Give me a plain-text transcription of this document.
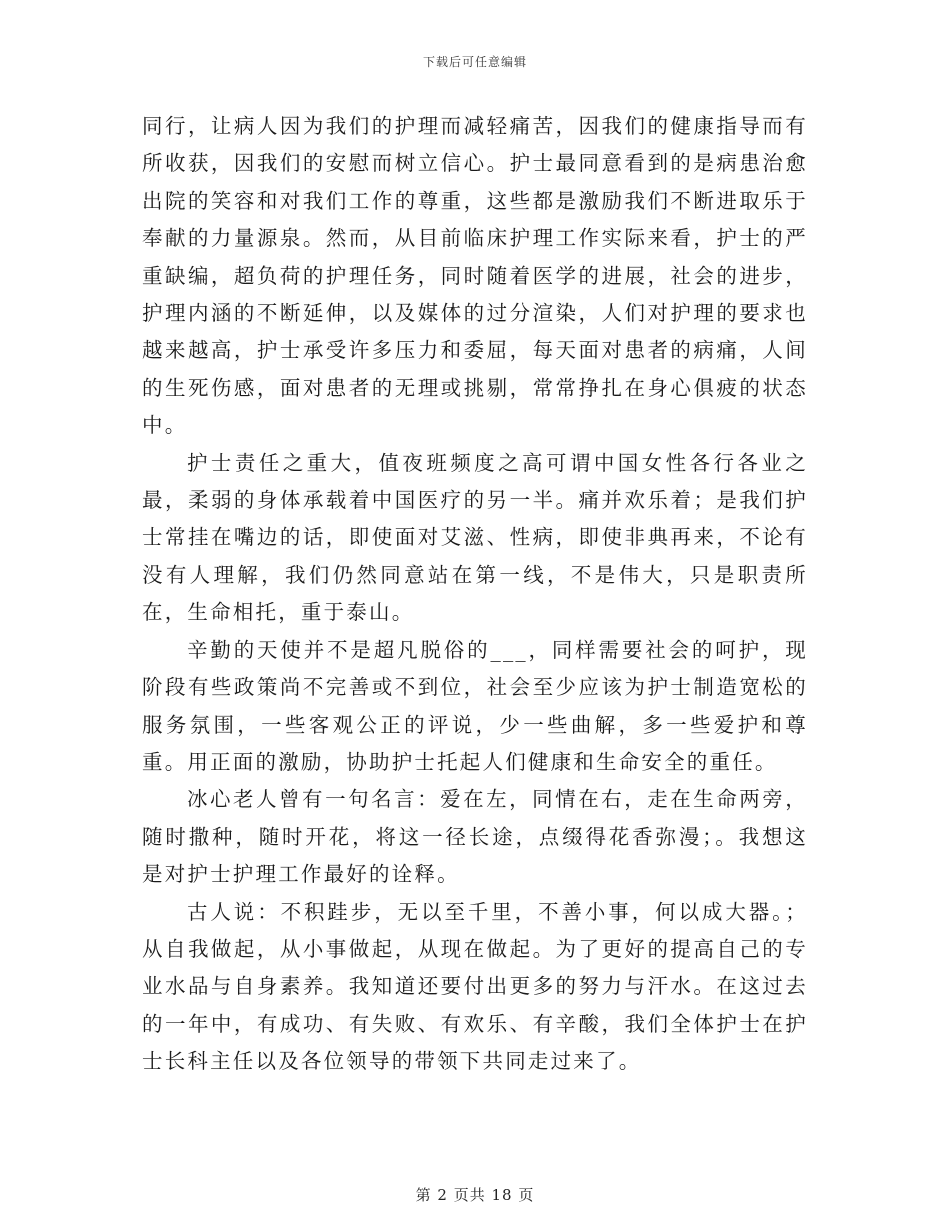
下载后可任意编辑

同行，让病人因为我们的护理而减轻痛苦，因我们的健康指导而有所收获，因我们的安慰而树立信心。护士最同意看到的是病患治愈出院的笑容和对我们工作的尊重，这些都是激励我们不断进取乐于奉献的力量源泉。然而，从目前临床护理工作实际来看，护士的严重缺编，超负荷的护理任务，同时随着医学的进展，社会的进步，护理内涵的不断延伸，以及媒体的过分渲染，人们对护理的要求也越来越高，护士承受许多压力和委屈，每天面对患者的病痛，人间的生死伤感，面对患者的无理或挑剔，常常挣扎在身心俱疲的状态中。

护士责任之重大，值夜班频度之高可谓中国女性各行各业之最，柔弱的身体承载着中国医疗的另一半。痛并欢乐着；是我们护士常挂在嘴边的话，即使面对艾滋、性病，即使非典再来，不论有没有人理解，我们仍然同意站在第一线，不是伟大，只是职责所在，生命相托，重于泰山。

辛勤的天使并不是超凡脱俗的___，同样需要社会的呵护，现阶段有些政策尚不完善或不到位，社会至少应该为护士制造宽松的服务氛围，一些客观公正的评说，少一些曲解，多一些爱护和尊重。用正面的激励，协助护士托起人们健康和生命安全的重任。

冰心老人曾有一句名言：爱在左，同情在右，走在生命两旁，随时撒种，随时开花，将这一径长途，点缀得花香弥漫；。我想这是对护士护理工作最好的诠释。

古人说：不积跬步，无以至千里，不善小事，何以成大器。；从自我做起，从小事做起，从现在做起。为了更好的提高自己的专业水品与自身素养。我知道还要付出更多的努力与汗水。在这过去的一年中，有成功、有失败、有欢乐、有辛酸，我们全体护士在护士长科主任以及各位领导的带领下共同走过来了。

第 2 页共 18 页
